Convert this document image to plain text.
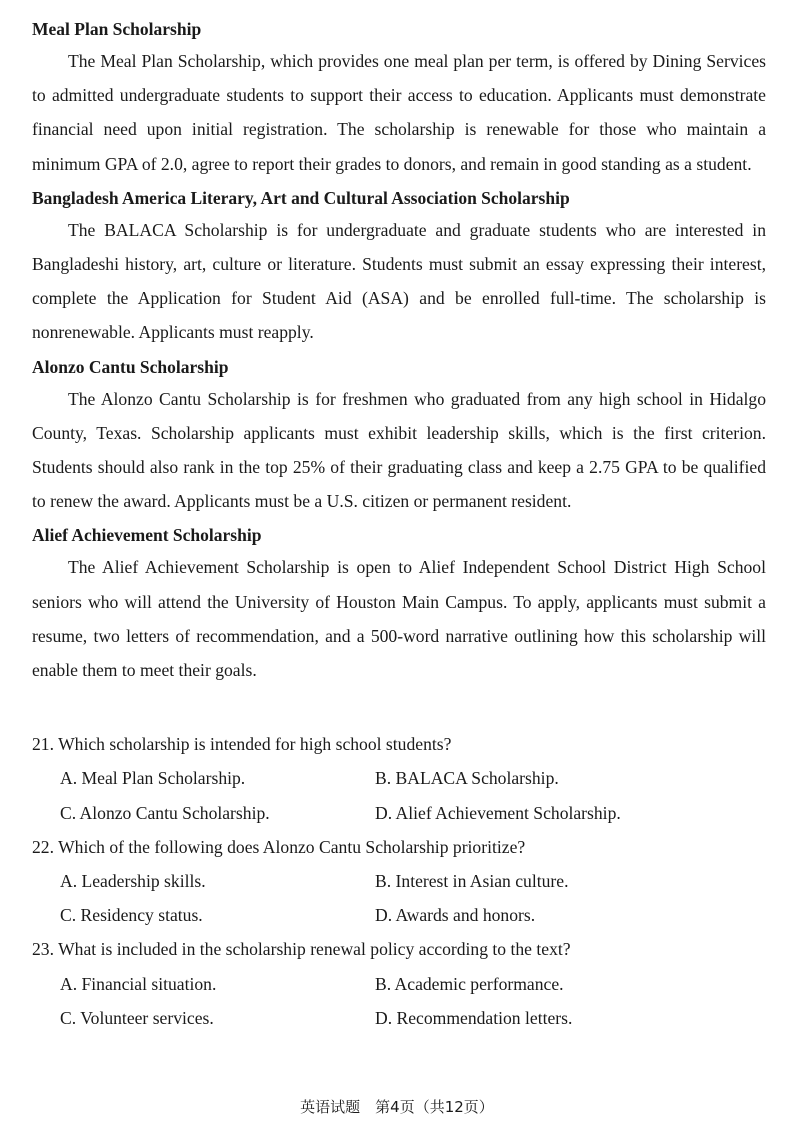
Meal Plan Scholarship

The Meal Plan Scholarship, which provides one meal plan per term, is offered by Dining Services to admitted undergraduate students to support their access to education. Applicants must demonstrate financial need upon initial registration. The scholarship is renewable for those who maintain a minimum GPA of 2.0, agree to report their grades to donors, and remain in good standing as a student.

Bangladesh America Literary, Art and Cultural Association Scholarship

The BALACA Scholarship is for undergraduate and graduate students who are interested in Bangladeshi history, art, culture or literature. Students must submit an essay expressing their interest, complete the Application for Student Aid (ASA) and be enrolled full-time. The scholarship is nonrenewable. Applicants must reapply.

Alonzo Cantu Scholarship

The Alonzo Cantu Scholarship is for freshmen who graduated from any high school in Hidalgo County, Texas. Scholarship applicants must exhibit leadership skills, which is the first criterion. Students should also rank in the top 25% of their graduating class and keep a 2.75 GPA to be qualified to renew the award. Applicants must be a U.S. citizen or permanent resident.

Alief Achievement Scholarship

The Alief Achievement Scholarship is open to Alief Independent School District High School seniors who will attend the University of Houston Main Campus. To apply, applicants must submit a resume, two letters of recommendation, and a 500-word narrative outlining how this scholarship will enable them to meet their goals.

21. Which scholarship is intended for high school students?

A. Meal Plan Scholarship.	B. BALACA Scholarship.
C. Alonzo Cantu Scholarship.	D. Alief Achievement Scholarship.

22. Which of the following does Alonzo Cantu Scholarship prioritize?

A. Leadership skills.	B. Interest in Asian culture.
C. Residency status.	D. Awards and honors.

23. What is included in the scholarship renewal policy according to the text?

A. Financial situation.	B. Academic performance.
C. Volunteer services.	D. Recommendation letters.
英语试题　第4页（共12页）
